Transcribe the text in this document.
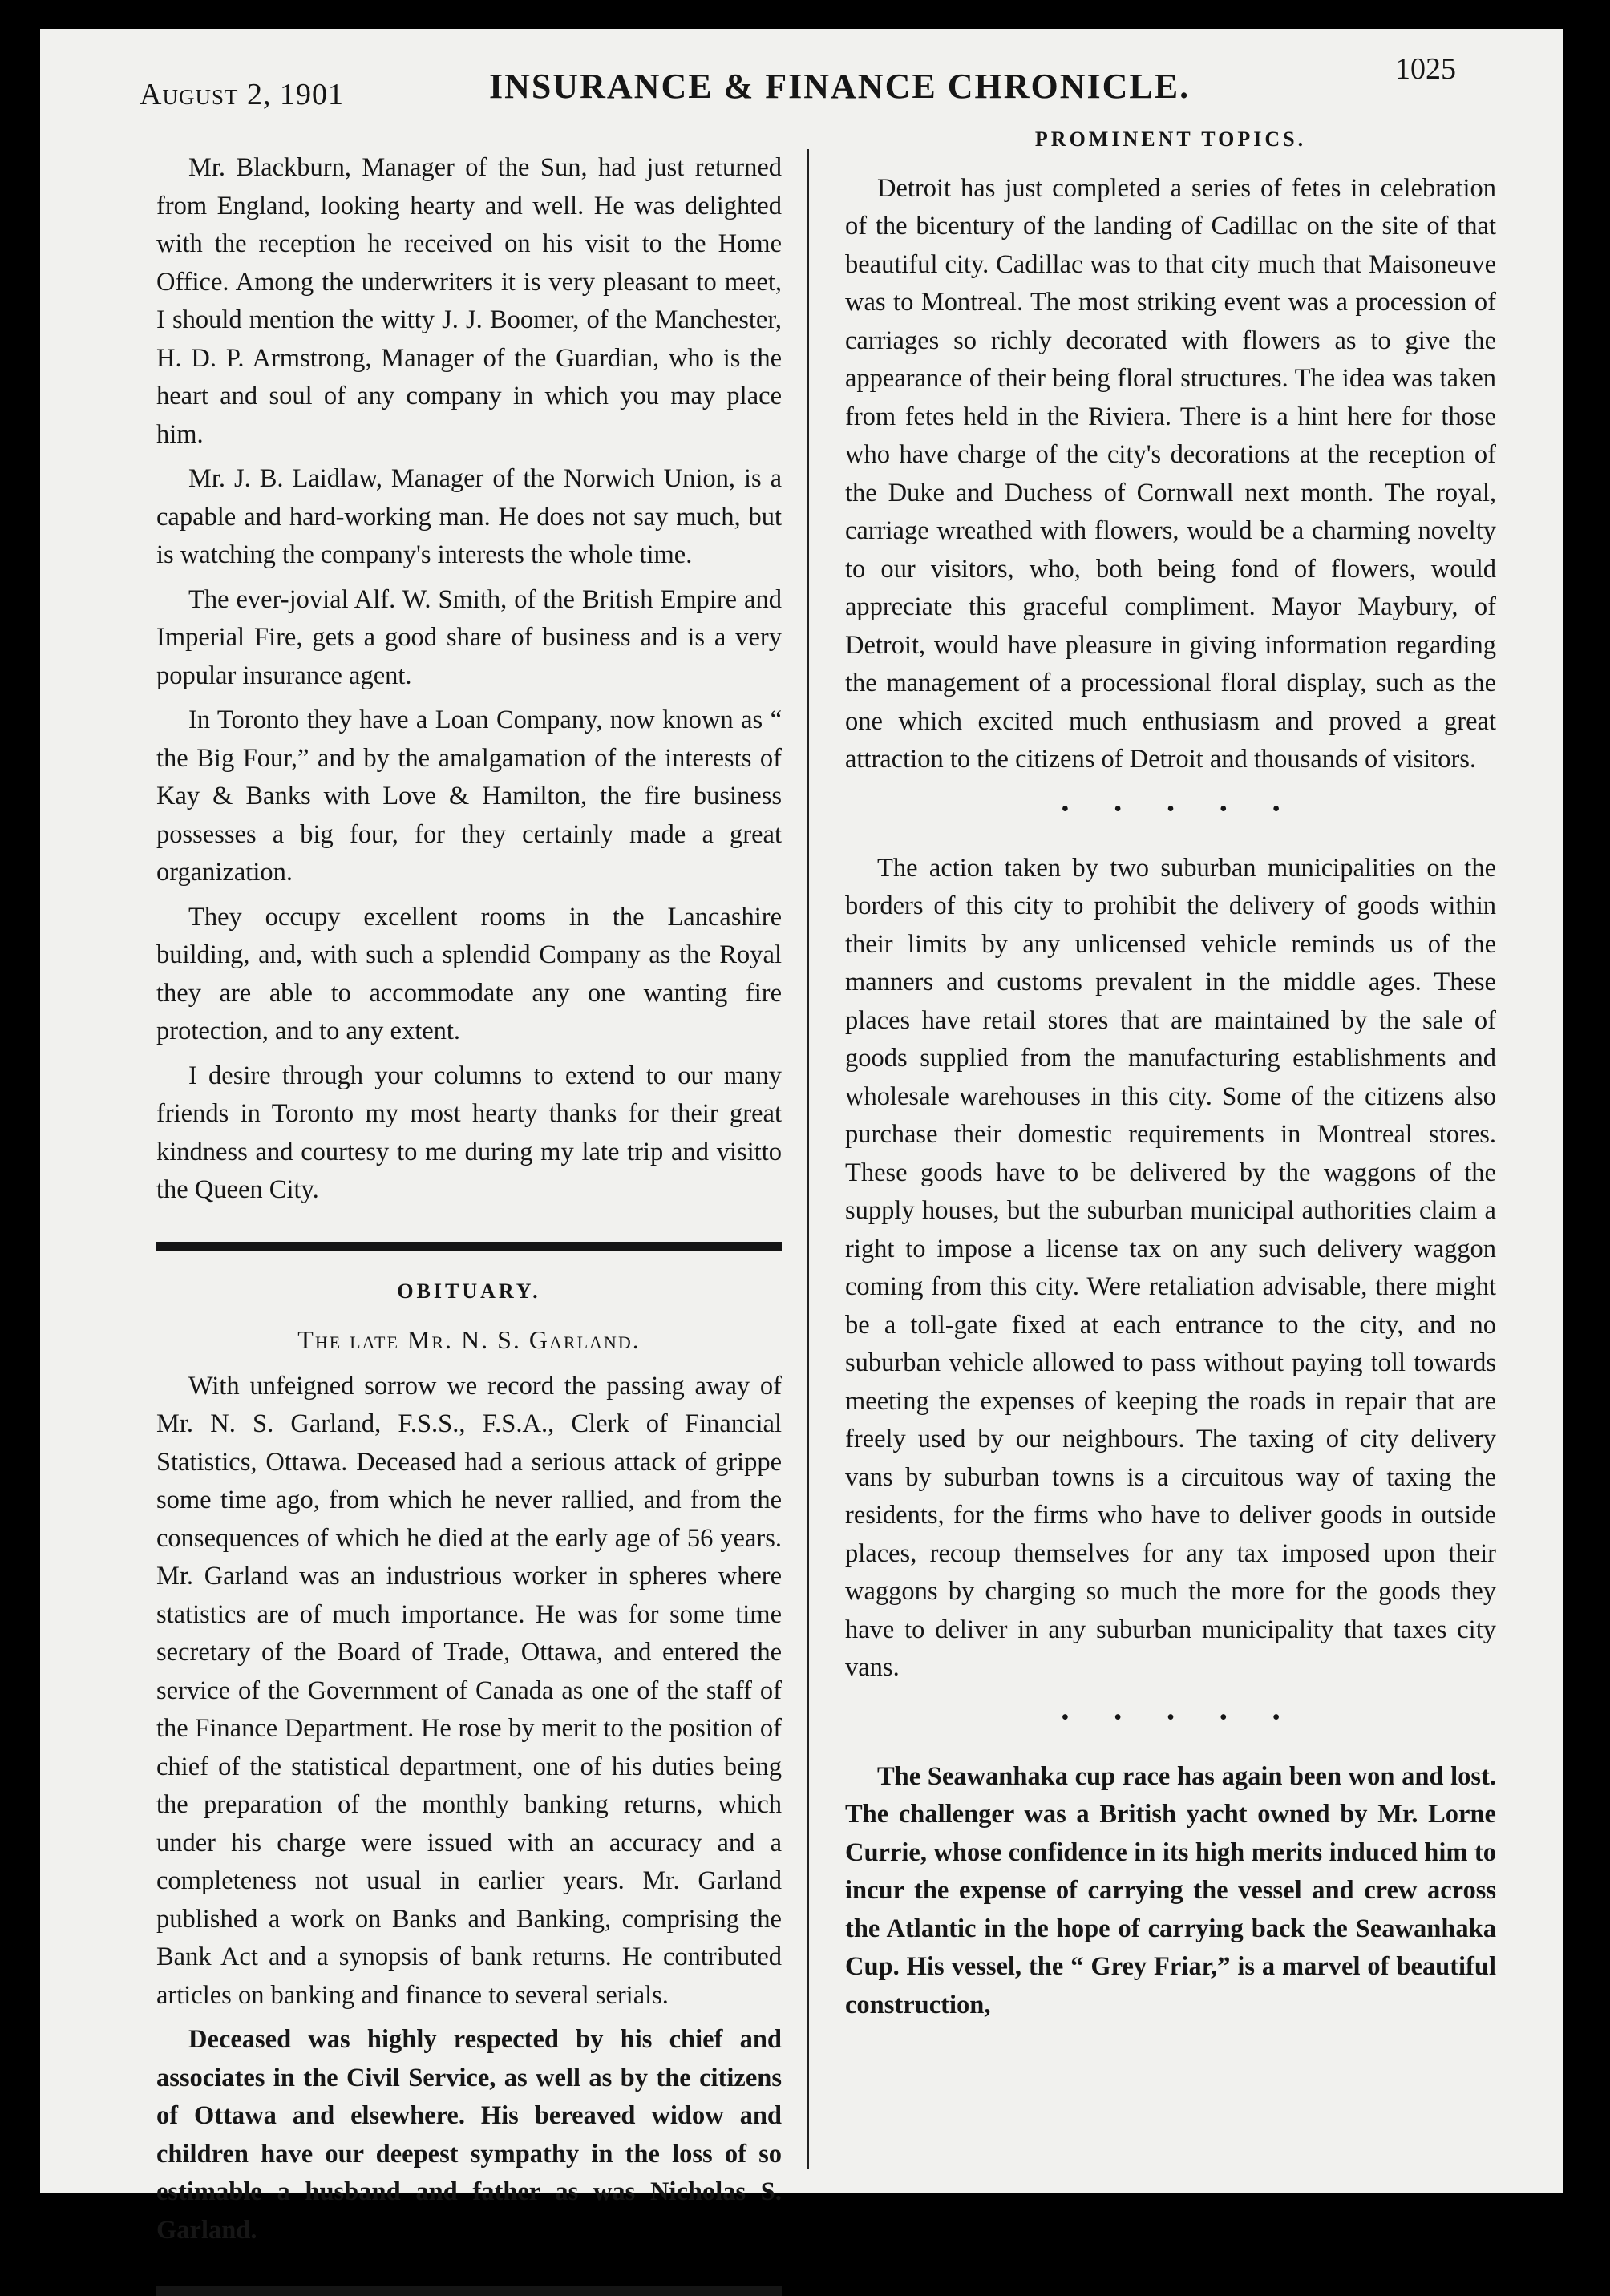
August 2, 1901	INSURANCE & FINANCE CHRONICLE.	1025

Mr. Blackburn, Manager of the Sun, had just returned from England, looking hearty and well. He was delighted with the reception he received on his visit to the Home Office. Among the underwriters it is very pleasant to meet, I should mention the witty J. J. Boomer, of the Manchester, H. D. P. Armstrong, Manager of the Guardian, who is the heart and soul of any company in which you may place him.

Mr. J. B. Laidlaw, Manager of the Norwich Union, is a capable and hard-working man. He does not say much, but is watching the company's interests the whole time.

The ever-jovial Alf. W. Smith, of the British Empire and Imperial Fire, gets a good share of business and is a very popular insurance agent.

In Toronto they have a Loan Company, now known as “ the Big Four,” and by the amalgamation of the interests of Kay & Banks with Love & Hamilton, the fire business possesses a big four, for they certainly made a great organization.

They occupy excellent rooms in the Lancashire building, and, with such a splendid Company as the Royal they are able to accommodate any one wanting fire protection, and to any extent.

I desire through your columns to extend to our many friends in Toronto my most hearty thanks for their great kindness and courtesy to me during my late trip and visitto the Queen City.

OBITUARY.
The late Mr. N. S. Garland.

With unfeigned sorrow we record the passing away of Mr. N. S. Garland, F.S.S., F.S.A., Clerk of Financial Statistics, Ottawa. Deceased had a serious attack of grippe some time ago, from which he never rallied, and from the consequences of which he died at the early age of 56 years. Mr. Garland was an industrious worker in spheres where statistics are of much importance. He was for some time secretary of the Board of Trade, Ottawa, and entered the service of the Government of Canada as one of the staff of the Finance Department. He rose by merit to the position of chief of the statistical department, one of his duties being the preparation of the monthly banking returns, which under his charge were issued with an accuracy and a completeness not usual in earlier years. Mr. Garland published a work on Banks and Banking, comprising the Bank Act and a synopsis of bank returns. He contributed articles on banking and finance to several serials.

Deceased was highly respected by his chief and associates in the Civil Service, as well as by the citizens of Ottawa and elsewhere. His bereaved widow and children have our deepest sympathy in the loss of so estimable a husband and father as was Nicholas S. Garland.

PROMINENT TOPICS.

Detroit has just completed a series of fetes in celebration of the bicentury of the landing of Cadillac on the site of that beautiful city. Cadillac was to that city much that Maisoneuve was to Montreal. The most striking event was a procession of carriages so richly decorated with flowers as to give the appearance of their being floral structures. The idea was taken from fetes held in the Riviera. There is a hint here for those who have charge of the city's decorations at the reception of the Duke and Duchess of Cornwall next month. The royal, carriage wreathed with flowers, would be a charming novelty to our visitors, who, both being fond of flowers, would appreciate this graceful compliment. Mayor Maybury, of Detroit, would have pleasure in giving information regarding the management of a processional floral display, such as the one which excited much enthusiasm and proved a great attraction to the citizens of Detroit and thousands of visitors.

•••••

The action taken by two suburban municipalities on the borders of this city to prohibit the delivery of goods within their limits by any unlicensed vehicle reminds us of the manners and customs prevalent in the middle ages. These places have retail stores that are maintained by the sale of goods supplied from the manufacturing establishments and wholesale warehouses in this city. Some of the citizens also purchase their domestic requirements in Montreal stores. These goods have to be delivered by the waggons of the supply houses, but the suburban municipal authorities claim a right to impose a license tax on any such delivery waggon coming from this city. Were retaliation advisable, there might be a toll-gate fixed at each entrance to the city, and no suburban vehicle allowed to pass without paying toll towards meeting the expenses of keeping the roads in repair that are freely used by our neighbours. The taxing of city delivery vans by suburban towns is a circuitous way of taxing the residents, for the firms who have to deliver goods in outside places, recoup themselves for any tax imposed upon their waggons by charging so much the more for the goods they have to deliver in any suburban municipality that taxes city vans.

•••••

The Seawanhaka cup race has again been won and lost. The challenger was a British yacht owned by Mr. Lorne Currie, whose confidence in its high merits induced him to incur the expense of carrying the vessel and crew across the Atlantic in the hope of carrying back the Seawanhaka Cup. His vessel, the “ Grey Friar,” is a marvel of beautiful construction,
